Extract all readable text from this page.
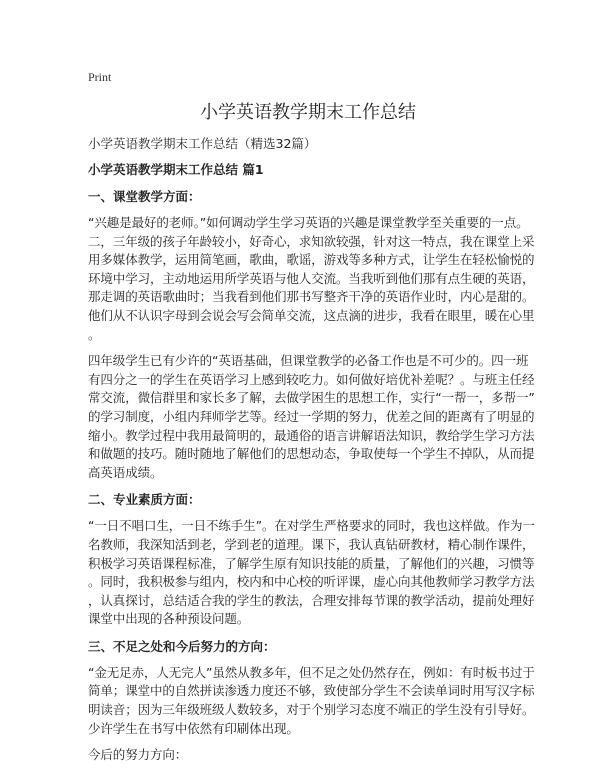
Print
小学英语教学期末工作总结
小学英语教学期末工作总结（精选32篇）
小学英语教学期末工作总结 篇1
一、课堂教学方面：
“兴趣是最好的老师。”如何调动学生学习英语的兴趣是课堂教学至关重要的一点。
二，三年级的孩子年龄较小，好奇心，求知欲较强，针对这一特点，我在课堂上采
用多媒体教学，运用简笔画，歌曲，歌谣，游戏等多种方式，让学生在轻松愉悦的
环境中学习，主动地运用所学英语与他人交流。当我听到他们那有点生硬的英语，
那走调的英语歌曲时；当我看到他们那书写整齐干净的英语作业时，内心是甜的。
他们从不认识字母到会说会写会简单交流，这点滴的进步，我看在眼里，暖在心里
。
四年级学生已有少许的“英语基础，但课堂教学的必备工作也是不可少的。四一班
有四分之一的学生在英语学习上感到较吃力。如何做好培优补差呢？。与班主任经
常交流，微信群里和家长多了解，去做学困生的思想工作，实行“一帮一，多帮一”
的学习制度，小组内拜师学艺等。经过一学期的努力，优差之间的距离有了明显的
缩小。教学过程中我用最简明的，最通俗的语言讲解语法知识，教给学生学习方法
和做题的技巧。随时随地了解他们的思想动态，争取使每一个学生不掉队，从而提
高英语成绩。
二、专业素质方面：
“一日不唱口生，一日不练手生”。在对学生严格要求的同时，我也这样做。作为一
名教师，我深知活到老，学到老的道理。课下，我认真钻研教材，精心制作课件，
积极学习英语课程标准，了解学生原有知识技能的质量，了解他们的兴趣，习惯等
。同时，我积极参与组内，校内和中心校的听评课，虚心向其他教师学习教学方法
，认真探讨，总结适合我的学生的教法，合理安排每节课的教学活动，提前处理好
课堂中出现的各种预设问题。
三、不足之处和今后努力的方向：
“金无足赤，人无完人”虽然从教多年，但不足之处仍然存在，例如：有时板书过于
简单；课堂中的自然拼读渗透力度还不够，致使部分学生不会读单词时用写汉字标
明读音；因为三年级班级人数较多，对于个别学习态度不端正的学生没有引导好。
少许学生在书写中依然有印刷体出现。
今后的努力方向：
